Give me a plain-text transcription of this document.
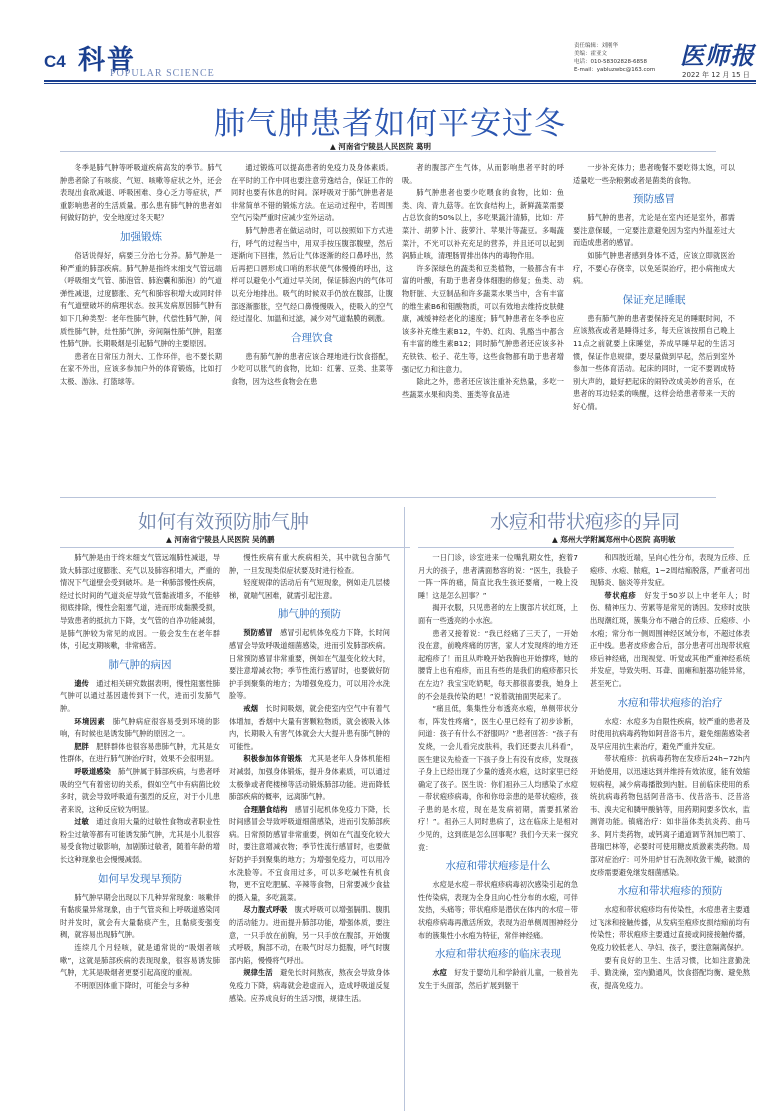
C4 科普
POPULAR SCIENCE
责任编辑：刘刚华
美编：霍亚文
电话：010-58302828-6858
E-mail：yabluzwbc@163.com	医师报
2022 年 12 月 15 日
肺气肿患者如何平安过冬
▲ 河南省宁陵县人民医院 葛明

冬季是肺气肿等呼吸道疾病高发的季节。肺气肿患者除了有咳痰、气短、咳嗽等症状之外，还会表现出食欲减退、呼吸困难、身心乏力等症状，严重影响患者的生活质量。那么患有肺气肿的患者如何做好防护，安全地度过冬天呢？

加强锻炼

俗话说得好，病要三分治七分养。肺气肿是一种严重的肺部疾病。肺气肿是指终末细支气管远端（呼吸细支气管、肺泡管、肺泡囊和肺泡）的气道弹性减退，过度膨胀、充气和肺容积增大或同时伴有气道壁破坏的病理状态。按其发病原因肺气肿有如下几种类型：老年性肺气肿，代偿性肺气肿，间质性肺气肿，灶性肺气肿，旁间隔性肺气肿，阻塞性肺气肿。长期吸烟是引起肺气肿的主要原因。

患者在日常压力剂大、工作环伴，也不要长期在家不外出，应该多参加户外的体育锻炼，比如打太极、游泳、打篮球等。

通过锻炼可以提高患者的免疫力及身体素质。在平时的工作中同也要注意劳逸结合，保证工作的同时也要有休息的时间。深呼吸对于肺气肿患者是非常简单不错的锻炼方法。在运动过程中，若周围空气污染严重时应减少室外运动。

肺气肿患者在做运动时，可以按照如下方式进行，呼气的过程当中，用双手按压腹部腹壁，然后逐渐向下回推，然后让气体逐渐的经口鼻呼出，然后再把口唇形成口哨的形状使气体慢慢的呼出，这样可以避免小气道过早关闭，保证肺泡内的气体可以充分地排出。吸气的时候双手仍放在腹部，让腹部逐渐膨胀，空气经口鼻慢慢吸入，使吸入的空气经过湿化、加温和过滤，减少对气道黏膜的刺激。

合理饮食

患有肺气肿的患者应该合理地进行饮食搭配，少吃可以胀气的食物，比如：红薯、豆类、韭菜等食物，因为这些食物会在患

者的腹部产生气体，从而影响患者平时的呼吸。

肺气肿患者也要少吃喂食的食物，比如：鱼类、肉、青九菇等。在饮食结构上，新鲜蔬菜需要占总饮食的50%以上，多吃果蔬汁清肺，比如：芹菜汁、胡萝卜汁、菠萝汁、苹果汁等蔬豆。多喝蔬菜汁，不光可以补充充足的营养，并且还可以起到润肺止咳，清理肠胃排出体内的毒物作用。

许多深绿色的蔬类和豆类植物，一般都含有丰富的叶酸，有助于患者身体细胞的修复；鱼类、动物肝脏、大豆制品和许多蔬菜水果当中，含有丰富的维生素B6和钼酸物质，可以有效地去维持皮肤健康，减缓神经老化的速度；肺气肿患者在冬季也应该多补充维生素B12，牛奶、红肉、乳酪当中都含有丰富的维生素B12；同时肺气肿患者还应该多补充铁铁、松子、花生等，这些食物都有助于患者增强记忆力和注意力。

除此之外，患者还应该注重补充热量，多吃一些蔬菜水果和肉类、蛋类等食品进

一步补充体力；患者晚餐不要吃得太饱，可以适量吃一些杂粮粥或者是菌类的食物。

预防感冒

肺气肿的患者，尤论是在室内还是室外，都需要注意保暖，一定要注意避免因为室内外温差过大而造成患者的感冒。

如肺气肿患者感到身体不适，应该立即就医治疗，不要心存侥幸，以免延误治疗，把小病拖成大病。

保证充足睡眠

患有肺气肿的患者要保持充足的睡眠时间，不应该熬夜或者是睡得过多，每天应该按照自己晚上11点之前就要上床睡觉，养成早睡早起的生活习惯，保证作息规律，要尽量做到早起，然后到室外参加一些体育活动。起床的同时，一定不要调成特别大声的，最好把起床的闹铃改成美妙的音乐，在患者的耳边轻柔的唤醒，这样会给患者带来一天的好心情。

如何有效预防肺气肿
▲ 河南省宁陵县人民医院 吴鸽鹏

肺气肿是由于终末细支气管远端肺性减退，导致大肺部过度膨胀、充气以及肺容积增大，严重的情况下气道壁会受到破坏。是一种肺部慢性疾病，经过长时间的气道炎症导致气管黏液增多，不能够彻底排除，慢性会阻塞气道，进而形成黏膜受损，导致患者的抵抗力下降，支气管的自净功能减弱，是肺气肿较为常见的成因。一般会发生在老年群体，引起支期咳嗽，非常痛苦。

肺气肿的病因

遗传　通过相关研究数据表明，慢性阻塞性肺气肿可以通过基因遗传到下一代，进而引发肺气肿。

环境因素　肺气肿病症很容易受到环境的影响，有时候也是诱发肺气肿的原因之一。

肥胖　肥胖群体也很容易患肺气肿，尤其是女性群体，在进行肺气肿治疗时，效果不会很明显。

呼吸道感染　肺气肿属于肺部疾病，与患者呼吸的空气有着密切的关系，假如空气中有病菌比较多时，就会导致呼吸道有强烈的反应，对于小儿患者来说，这种反应较为明显。

过敏　通过食用大量的过敏性食物或者职业性粉尘过敏等都有可能诱发肺气肿，尤其是小儿很容易受食物过敏影响，加剧肺过敏者，随着年龄的增长这种现象也会慢慢减弱。

如何早发现早预防

肺气肿早期会出现以下几种异常现象：咳嗽伴有黏痰量异常现象，由于气管炎和上呼吸道感染同时并发时，就会有大量黏痰产生，且黏痰变强变稠，就容易出现肺气肿。

连续几个月轻咳，就是通常说的“吸烟者咳嗽”，这就是肺部疾病的表现现象，很容易诱发肺气肿，尤其是吸烟者更要引起高度的重视。

不明原因体重下降时，可能会与多种

慢性疾病有重大疾病相关，其中就包含肺气肿，一旦发现类似症状要及时进行检查。

轻度规律的活动后有气短现象，例如走几层楼梯，就喘气困难，就需引起注意。

肺气肿的预防

预防感冒　感冒引起机体免疫力下降，长时间感冒会导致呼吸道细菌感染，进而引发肺部疾病。日常预防感冒非常重要，例如在气温变化较大时，要注意增减衣物；季节性流行感冒时，也要做好防护手到聚集的地方；为增强免疫力，可以用冷水洗脸等。

戒烟　长时间吸烟，就会使室内空气中有着气体增加，香烟中大量有害颗粒物质，就会被吸入体内，长期吸入有害气体就会大大提升患有肺气肿的可能性。

积极参加体育锻炼　尤其是老年人身体机能相对减弱，加强身体锻炼，提升身体素质，可以通过太极拳或者爬楼梯等活动锻炼肺部功能。进而降低肺部疾病的概率，远离肺气肿。

合理膳食结构　感冒引起机体免疫力下降，长时间感冒会导致呼吸道细菌感染，进而引发肺部疾病。日常预防感冒非常重要，例如在气温变化较大时，要注意增减衣物；季节性流行感冒时，也要做好防护手到聚集的地方；为增强免疫力，可以用冷水洗脸等。不宜食用过多，可以多吃碱性有机食物，更不宜吃肥腻、辛辣等食物，日常要减少食盐的摄入量，多吃蔬菜。

尽力腹式呼吸　腹式呼吸可以增强膈肌、腹肌的活动能力。进而提升肺部功能，增强体质，要注意，一只手放在前胸，另一只手放在腹部，开始腹式呼吸，胸部不动，在吸气时尽力挺腹，呼气时腹部内陷，慢慢将气呼出。

规律生活　避免长时间熬夜，熬夜会导致身体免疫力下降，病毒就会趁虚而入，造成呼吸道反复感染。应养成良好的生活习惯，规律生活。

水痘和带状疱疹的异同
▲ 郑州大学附属郑州中心医院 高明敏

一日门诊，诊室进来一位嘴乳期女性，抱着7月大的孩子，患者满面愁容的说：“医生，我脸子一阵一阵的痛，简直比我生孩还要痛，一晚上没睡！这是怎么回事？”

揭开衣服，只见患者的左上腹部片状红斑，上面有一些透亮的小水泡。

患者又接着说：“我已经痛了三天了，一开始没在意，前晚疼痛的厉害，家人才发现疼的地方还起疱疹了！而且从昨晚开始我胸也开始撑疼，她的腰背上也有疱疹，而且有些的是我们的疱疹都只长在左边？我宝宝吃奶呢，每天都很喜要我，她身上的不会是我传染的吧！”说着就抽面哭起来了。

“痛且低，集集性分布透亮水疱，单侧带状分布，阵发性疼痛”，医生心里已经有了初步诊断，问道：孩子有什么不舒服吗？”患者回答：“孩子有发烧，一会儿看完皮肤科，我们还要去儿科看”，医生建议先检查一下孩子身上有没有皮疹，发现孩子身上已经出现了少量的透亮水疱，这时家里已经确定了孩子。医生说：你们祖孙三人均感染了水痘－带状疱疹病毒，你和你母亲患的是带状疱疹，孩子患的是水痘，现在是发病初期，需要抓紧治疗！”。祖孙三人同时患病了，这在临床上是相对少见的，这到底是怎么回事呢？我们今天来一探究竟：

水痘和带状疱疹是什么

水痘是水痘－带状疱疹病毒初次感染引起的急性传染病，表现为全身且向心性分布的水疱，可伴发热，头痛等；带状疱疹是潜伏在体内的水痘－带状疱疹病毒再激活所致，表现为沿单侧周围神经分布的簇集性小水疱为特征，常伴神经痛。

水痘和带状疱疹的临床表现

水痘　好发于婴幼儿和学龄前儿童，一般首先发生于头面部，然后扩展到躯干

和四肢近端，呈向心性分布，表现为丘疹、丘疱疹、水疱、脓疱，1~2周结痂脱落，严重者可出现肺炎、脑炎等并发症。

带状疱疹　好发于50岁以上中老年人；时伤、精神压力、劳累等是常见的诱因。发疹时皮肤出现潮红斑，簇集分布不融合的丘疹、丘疱疹、小水疱；常分布一侧周围神经区域分布，不超过体表正中线。患者皮疹愈合后，部分患者可出现带状疱疹后神经痛，出现视觉、听觉或其他严重神经系统并发症，导致失明、耳聋、面瘫和脏器功能异常，甚至死亡。

水痘和带状疱疹的治疗

水痘：水痘多为自限性疾病，较严重的患者及时使用抗病毒药物如阿昔洛韦片，避免细菌感染者及早应用抗生素治疗，避免严重并发症。

带状疱疹：抗病毒药物在发疹后24h~72h内开始使用，以迅速达到并维持有效浓度，能有效缩短病程，减少病毒播散到内脏。目前临床使用的系统抗病毒药物包括阿昔洛韦、伐昔洛韦、泛昔洛韦、溴夫定和膦甲酸钠等，用药期间要多饮水，监测肾功能。镇痛治疗：如非甾体类抗炎药、曲马多、阿片类药物，或钙离子通道调节剂加巴喷丁、普瑞巴林等，必要时可使用糖皮质激素类药物。局部对症治疗：可外用炉甘石洗剂收敛干燥，破溃的皮疹需要避免继发细菌感染。

水痘和带状疱疹的预防

水痘和带状疱疹均有传染性，水痘患者主要通过飞沫和接触传播，从发病至疱疹皮损结痂前均有传染性；带状疱疹主要通过直接或间接接触传播，免疫力较低老人、孕妇、孩子，要注意隔离保护。

要有良好的卫生、生活习惯，比如注意勤洗手、勤洗澡，室内勤通风，饮食搭配均衡、避免熬夜，提高免疫力。
